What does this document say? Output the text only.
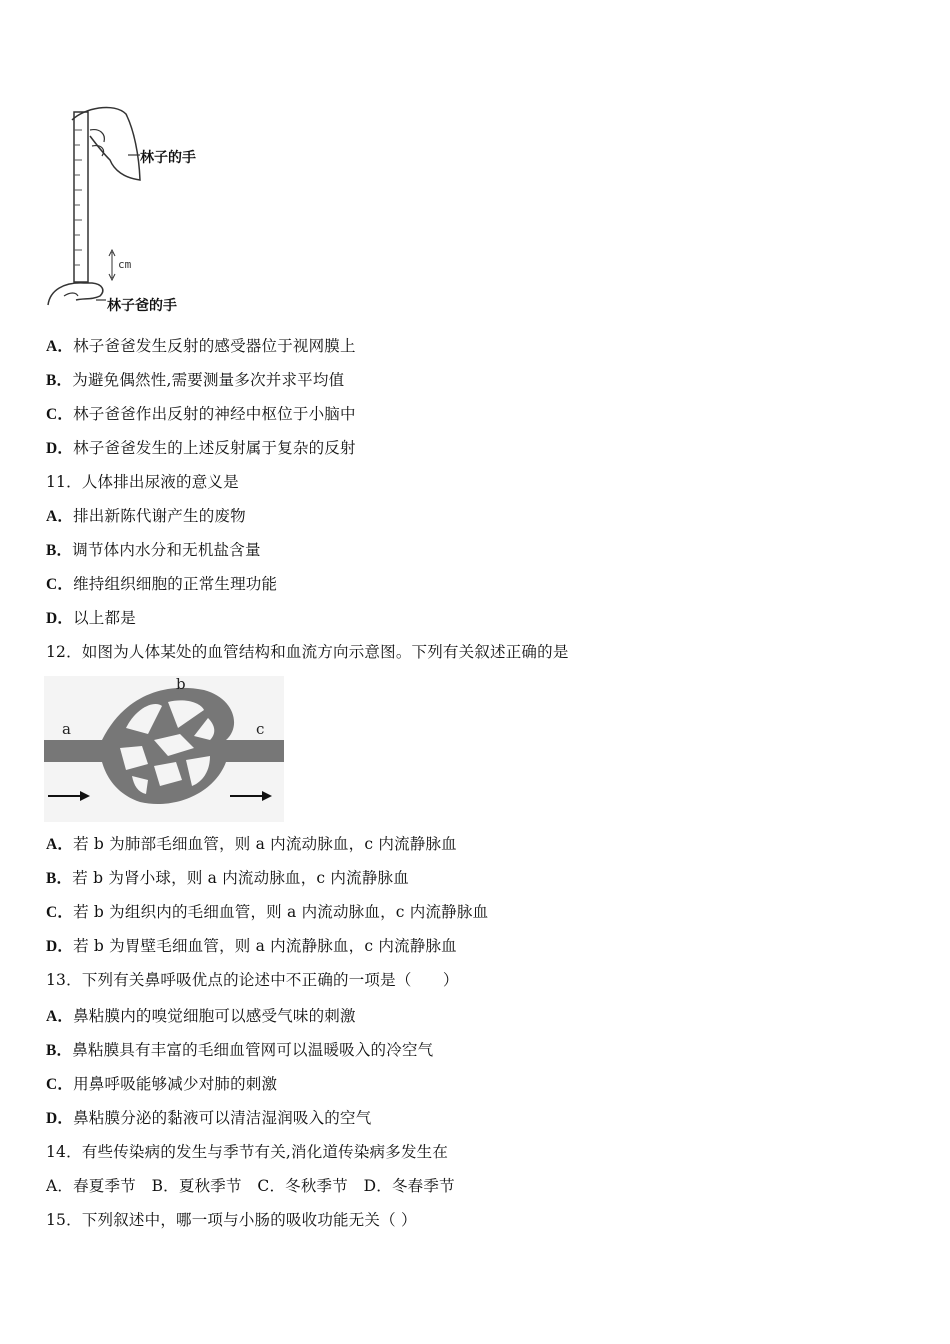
cm
林子的手
林子爸的手
A．林子爸爸发生反射的感受器位于视网膜上
B．为避免偶然性,需要测量多次并求平均值
C．林子爸爸作出反射的神经中枢位于小脑中
D．林子爸爸发生的上述反射属于复杂的反射
11．人体排出尿液的意义是
A．排出新陈代谢产生的废物
B．调节体内水分和无机盐含量
C．维持组织细胞的正常生理功能
D．以上都是
12．如图为人体某处的血管结构和血流方向示意图。下列有关叙述正确的是
a
b
c
A．若 b 为肺部毛细血管，则 a 内流动脉血，c 内流静脉血
B．若 b 为肾小球，则 a 内流动脉血，c 内流静脉血
C．若 b 为组织内的毛细血管，则 a 内流动脉血，c 内流静脉血
D．若 b 为胃壁毛细血管，则 a 内流静脉血，c 内流静脉血
13．下列有关鼻呼吸优点的论述中不正确的一项是（　　）
A．鼻粘膜内的嗅觉细胞可以感受气味的刺激
B．鼻粘膜具有丰富的毛细血管网可以温暖吸入的冷空气
C．用鼻呼吸能够减少对肺的刺激
D．鼻粘膜分泌的黏液可以清洁湿润吸入的空气
14．有些传染病的发生与季节有关,消化道传染病多发生在
A．春夏季节　B．夏秋季节　C．冬秋季节　D．冬春季节
15．下列叙述中，哪一项与小肠的吸收功能无关（ ）
